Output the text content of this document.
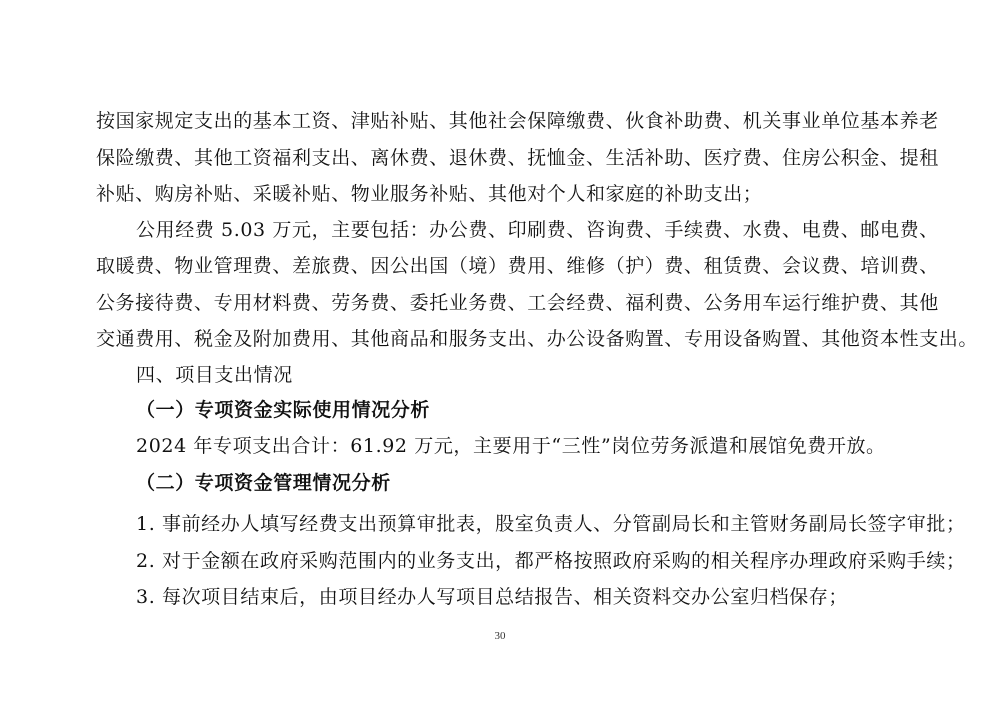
按国家规定支出的基本工资、津贴补贴、其他社会保障缴费、伙食补助费、机关事业单位基本养老
保险缴费、其他工资福利支出、离休费、退休费、抚恤金、生活补助、医疗费、住房公积金、提租
补贴、购房补贴、采暖补贴、物业服务补贴、其他对个人和家庭的补助支出；
公用经费 5.03 万元，主要包括：办公费、印刷费、咨询费、手续费、水费、电费、邮电费、
取暖费、物业管理费、差旅费、因公出国（境）费用、维修（护）费、租赁费、会议费、培训费、
公务接待费、专用材料费、劳务费、委托业务费、工会经费、福利费、公务用车运行维护费、其他
交通费用、税金及附加费用、其他商品和服务支出、办公设备购置、专用设备购置、其他资本性支出。
四、项目支出情况
（一）专项资金实际使用情况分析
2024 年专项支出合计：61.92 万元，主要用于“三性”岗位劳务派遣和展馆免费开放。
（二）专项资金管理情况分析
1. 事前经办人填写经费支出预算审批表，股室负责人、分管副局长和主管财务副局长签字审批；
2. 对于金额在政府采购范围内的业务支出，都严格按照政府采购的相关程序办理政府采购手续；
3. 每次项目结束后，由项目经办人写项目总结报告、相关资料交办公室归档保存；
30
